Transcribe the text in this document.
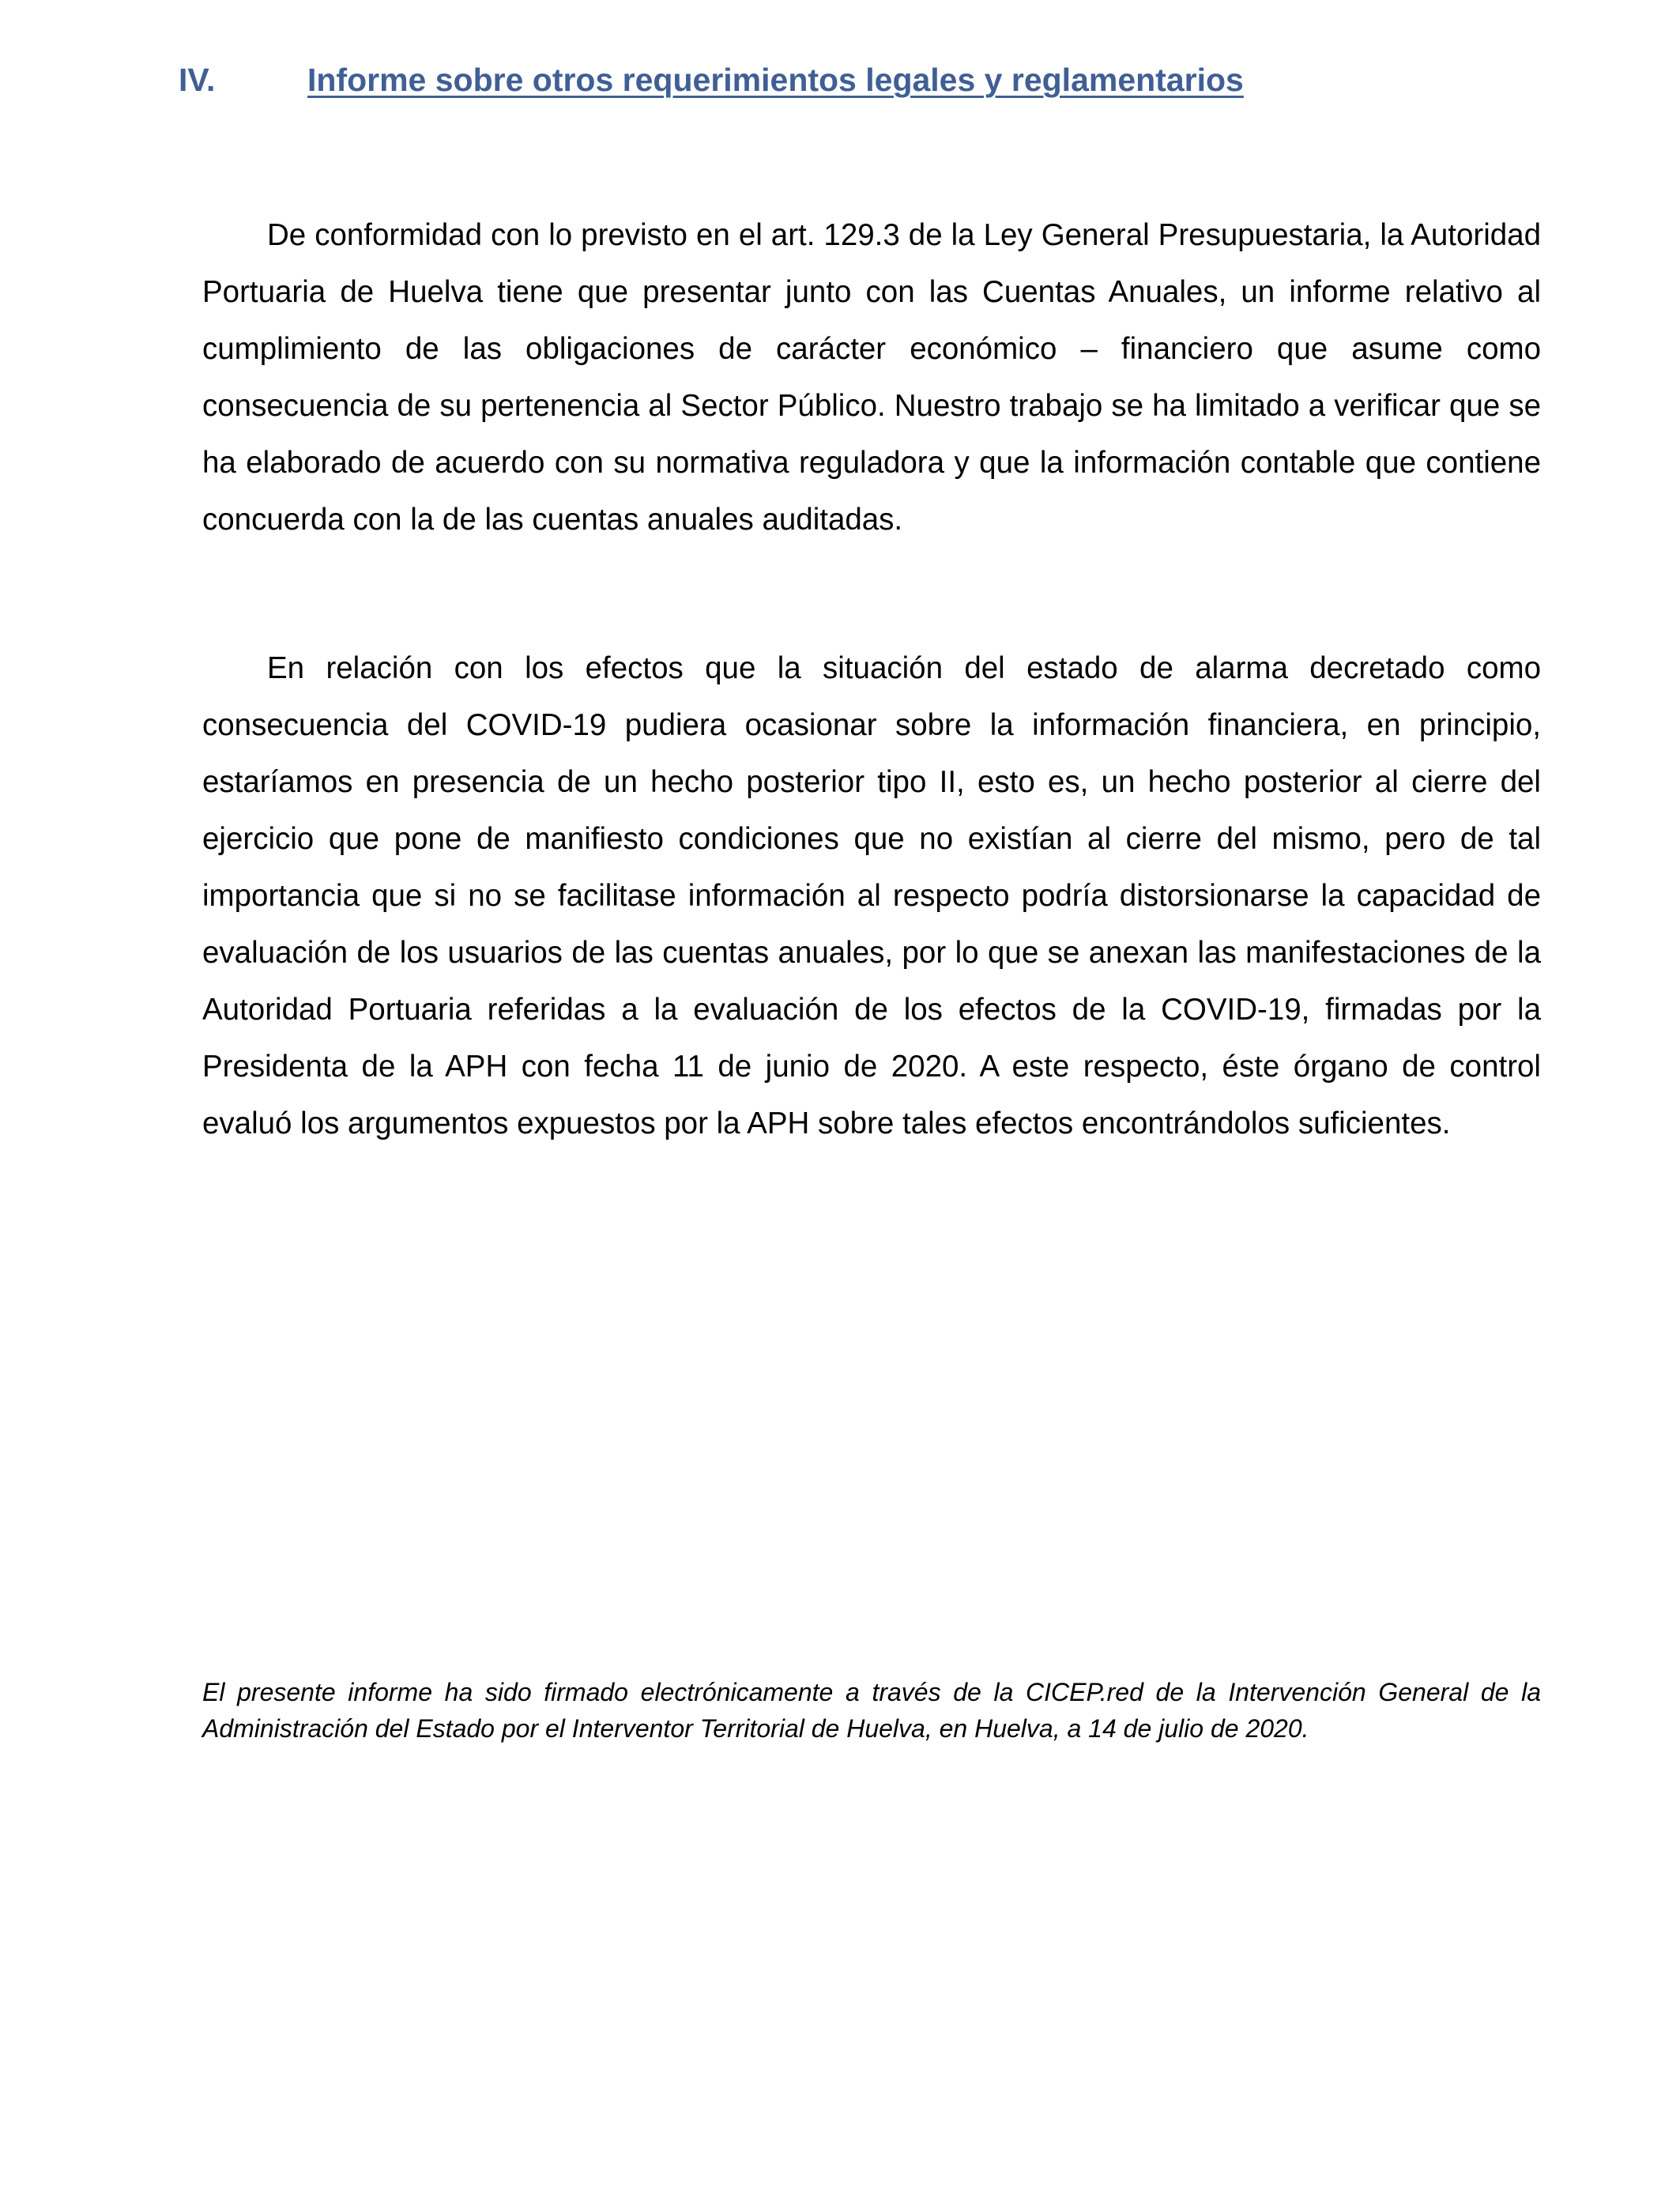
IV.	Informe sobre otros requerimientos legales y reglamentarios

De conformidad con lo previsto en el art. 129.3 de la Ley General Presupuestaria, la Autoridad Portuaria de Huelva tiene que presentar junto con las Cuentas Anuales, un informe relativo al cumplimiento de las obligaciones de carácter económico – financiero que asume como consecuencia de su pertenencia al Sector Público. Nuestro trabajo se ha limitado a verificar que se ha elaborado de acuerdo con su normativa reguladora y que la información contable que contiene concuerda con la de las cuentas anuales auditadas.

En relación con los efectos que la situación del estado de alarma decretado como consecuencia del COVID-19 pudiera ocasionar sobre la información financiera, en principio, estaríamos en presencia de un hecho posterior tipo II, esto es, un hecho posterior al cierre del ejercicio que pone de manifiesto condiciones que no existían al cierre del mismo, pero de tal importancia que si no se facilitase información al respecto podría distorsionarse la capacidad de evaluación de los usuarios de las cuentas anuales, por lo que se anexan las manifestaciones de la Autoridad Portuaria referidas a la evaluación de los efectos de la COVID-19, firmadas por la Presidenta de la APH con fecha 11 de junio de 2020. A este respecto, éste órgano de control evaluó los argumentos expuestos por la APH sobre tales efectos encontrándolos suficientes.

El presente informe ha sido firmado electrónicamente a través de la CICEP.red de la Intervención General de la Administración del Estado por el Interventor Territorial de Huelva, en Huelva, a 14 de julio de 2020.
